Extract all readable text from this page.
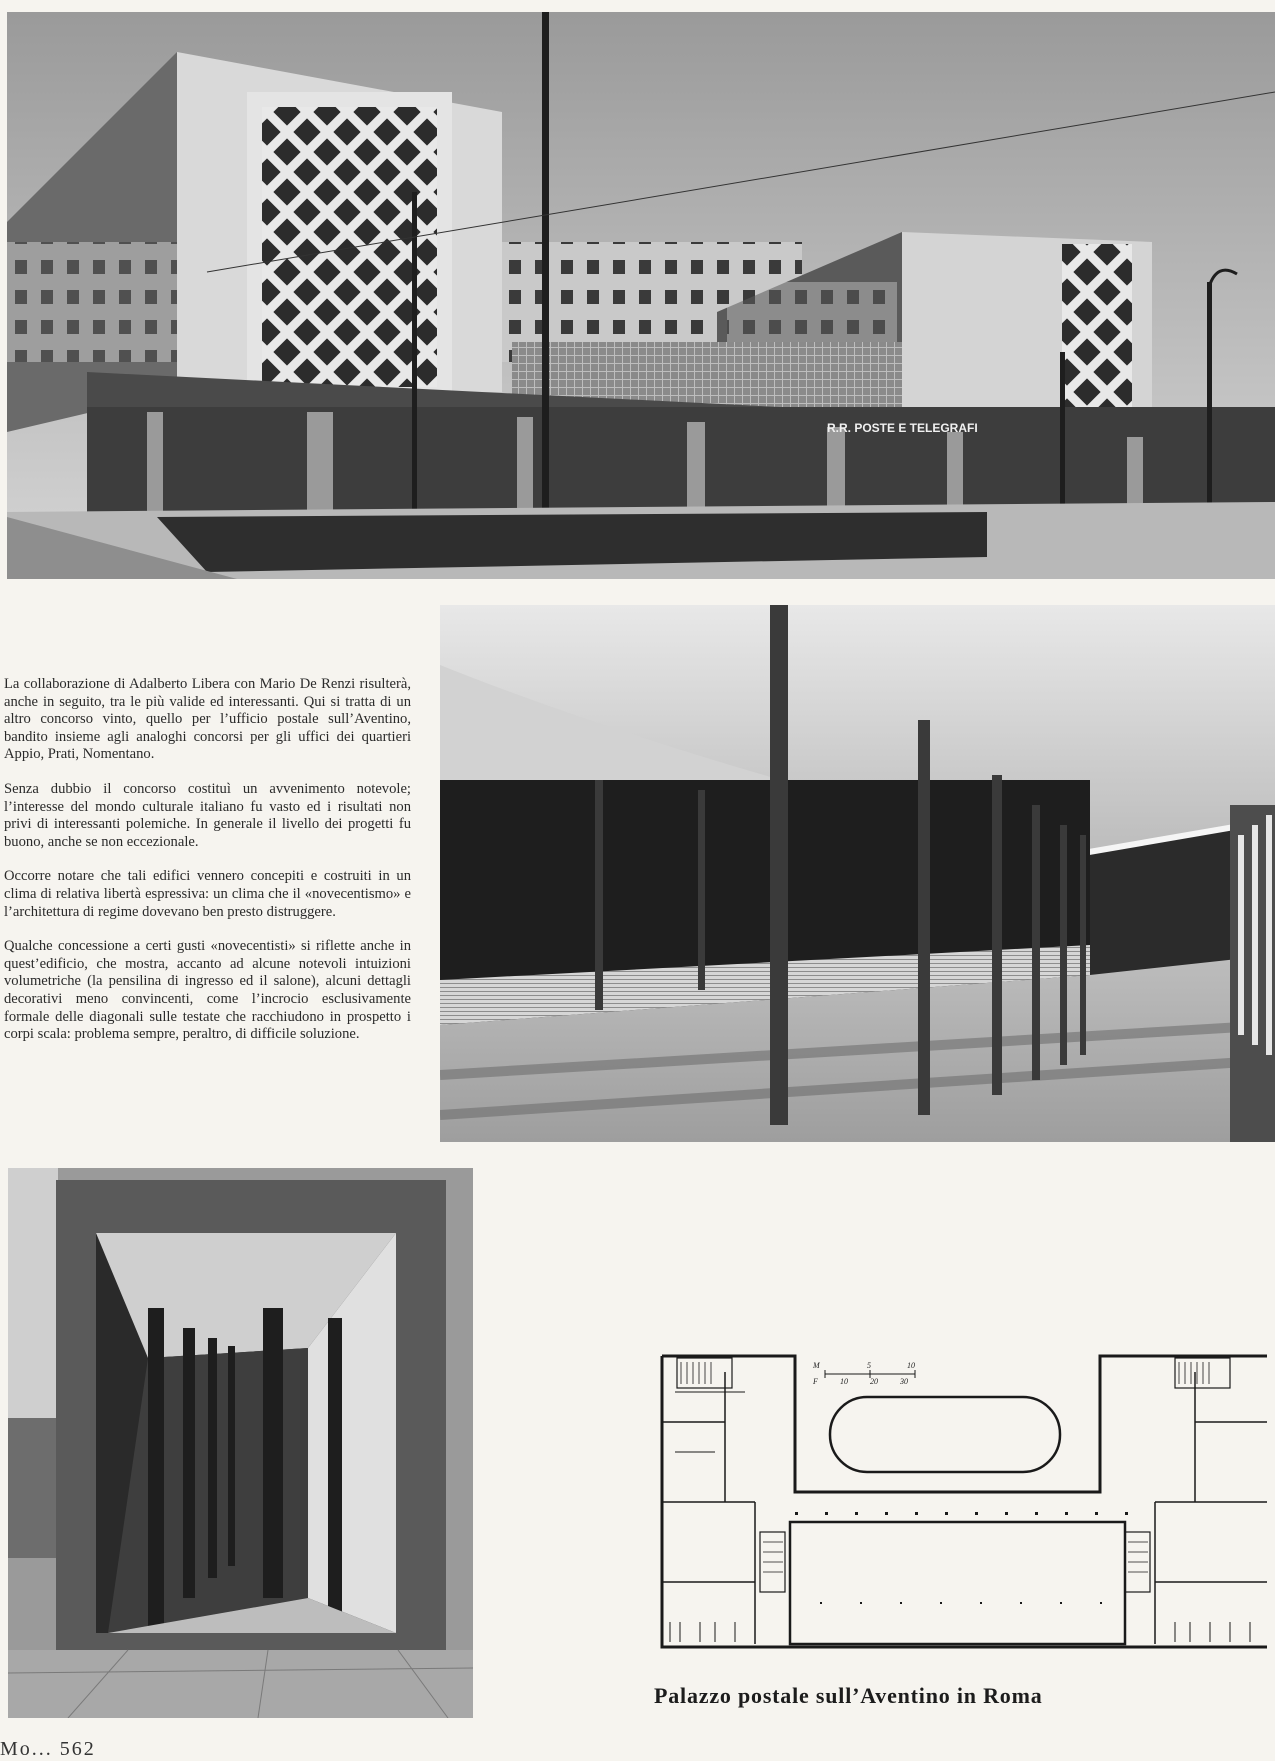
R.R. POSTE E TELEGRAFI

La collaborazione di Adalberto Libera con Mario De Renzi risulterà, anche in seguito, tra le più valide ed interessanti. Qui si tratta di un altro concorso vinto, quello per l’ufficio postale sull’Aventino, bandito insieme agli analoghi concorsi per gli uffici dei quartieri Appio, Prati, Nomentano.

Senza dubbio il concorso costituì un avvenimento notevole; l’interesse del mondo culturale italiano fu vasto ed i risultati non privi di interessanti polemiche. In generale il livello dei progetti fu buono, anche se non eccezionale.

Occorre notare che tali edifici vennero concepiti e costruiti in un clima di relativa libertà espressiva: un clima che il «novecentismo» e l’architettura di regime dovevano ben presto distruggere.

Qualche concessione a certi gusti «novecentisti» si riflette anche in quest’edificio, che mostra, accanto ad alcune notevoli intuizioni volumetriche (la pensilina di ingresso ed il salone), alcuni dettagli decorativi meno convincenti, come l’incrocio esclusivamente formale delle diagonali sulle testate che racchiudono in prospetto i corpi scala: problema sempre, peraltro, di difficile soluzione.

M
F
5	10
10	20	30
Palazzo postale sull’Aventino in Roma
Mo... 562
